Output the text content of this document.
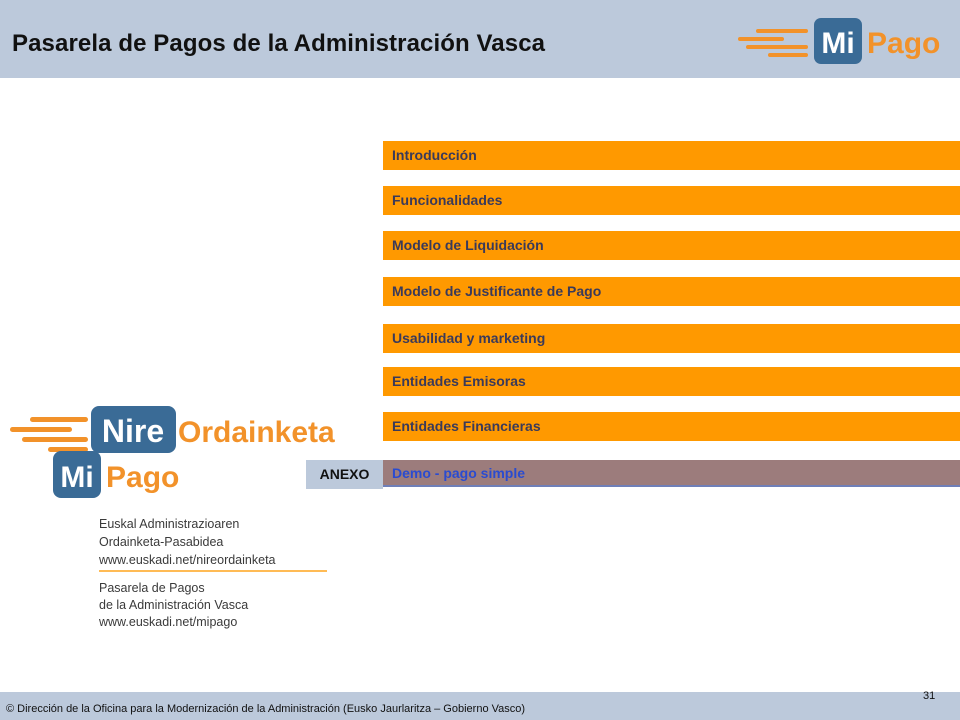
Pasarela de Pagos de la Administración Vasca	Mi Pago
Introducción
Funcionalidades
Modelo de Liquidación
Modelo de Justificante de Pago
Usabilidad y marketing
Entidades Emisoras
Entidades Financieras
ANEXO	Demo - pago simple
Nire Ordainketa
Mi Pago
Euskal Administrazioaren
Ordainketa-Pasabidea
www.euskadi.net/nireordainketa
Pasarela de Pagos
de la Administración Vasca
www.euskadi.net/mipago
© Dirección de la Oficina para la Modernización de la Administración (Eusko Jaurlaritza – Gobierno Vasco)
31
